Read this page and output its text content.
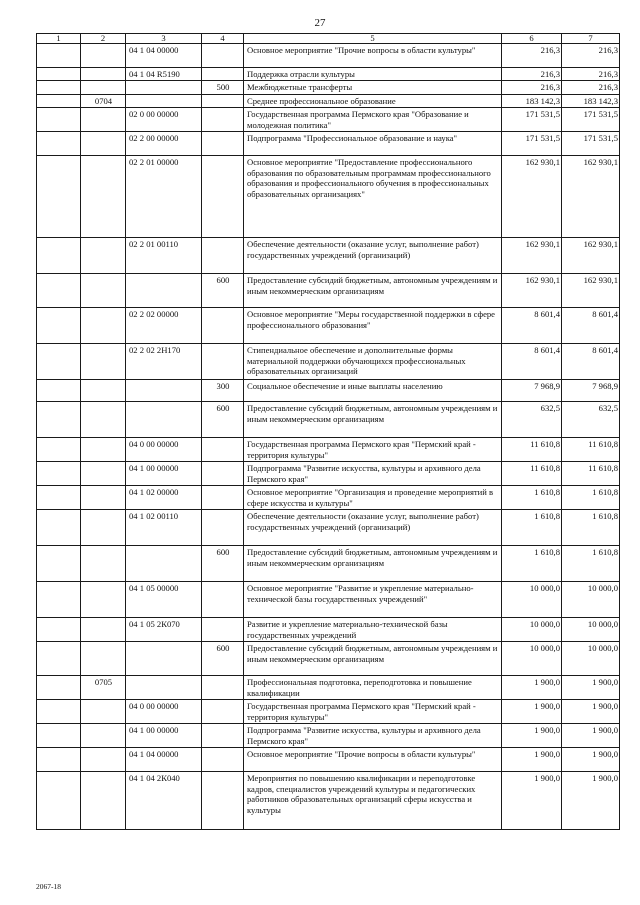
27
1	2	3	4	5	6	7
		04 1 04 00000		Основное мероприятие "Прочие вопросы в области культуры"	216,3	216,3
		04 1 04 R5190		Поддержка отрасли культуры	216,3	216,3
			500	Межбюджетные трансферты	216,3	216,3
	0704			Среднее профессиональное образование	183 142,3	183 142,3
		02 0 00 00000		Государственная программа Пермского края "Образование и молодежная политика"	171 531,5	171 531,5
		02 2 00 00000		Подпрограмма "Профессиональное образование и наука"	171 531,5	171 531,5
		02 2 01 00000		Основное мероприятие "Предоставление профессионального образования по образовательным программам профессионального образования и профессионального обучения в профессиональных образовательных организациях"	162 930,1	162 930,1
		02 2 01 00110		Обеспечение деятельности (оказание услуг, выполнение работ) государственных учреждений (организаций)	162 930,1	162 930,1
			600	Предоставление субсидий бюджетным, автономным учреждениям и иным некоммерческим организациям	162 930,1	162 930,1
		02 2 02 00000		Основное мероприятие "Меры государственной поддержки в сфере профессионального образования"	8 601,4	8 601,4
		02 2 02 2Н170		Стипендиальное обеспечение и дополнительные формы материальной поддержки обучающихся профессиональных образовательных организаций	8 601,4	8 601,4
			300	Социальное обеспечение и иные выплаты населению	7 968,9	7 968,9
			600	Предоставление субсидий бюджетным, автономным учреждениям и иным некоммерческим организациям	632,5	632,5
		04 0 00 00000		Государственная программа Пермского края "Пермский край - территория культуры"	11 610,8	11 610,8
		04 1 00 00000		Подпрограмма "Развитие искусства, культуры и архивного дела Пермского края"	11 610,8	11 610,8
		04 1 02 00000		Основное мероприятие "Организация и проведение мероприятий в сфере искусства и культуры"	1 610,8	1 610,8
		04 1 02 00110		Обеспечение деятельности (оказание услуг, выполнение работ) государственных учреждений (организаций)	1 610,8	1 610,8
			600	Предоставление субсидий бюджетным, автономным учреждениям и иным некоммерческим организациям	1 610,8	1 610,8
		04 1 05 00000		Основное мероприятие "Развитие и укрепление материально-технической базы государственных учреждений"	10 000,0	10 000,0
		04 1 05 2К070		Развитие и укрепление материально-технической базы государственных учреждений	10 000,0	10 000,0
			600	Предоставление субсидий бюджетным, автономным учреждениям и иным некоммерческим организациям	10 000,0	10 000,0
	0705			Профессиональная подготовка, переподготовка и повышение квалификации	1 900,0	1 900,0
		04 0 00 00000		Государственная программа Пермского края "Пермский край - территория культуры"	1 900,0	1 900,0
		04 1 00 00000		Подпрограмма "Развитие искусства, культуры и архивного дела Пермского края"	1 900,0	1 900,0
		04 1 04 00000		Основное мероприятие "Прочие вопросы в области культуры"	1 900,0	1 900,0
		04 1 04 2К040		Мероприятия по повышению квалификации и переподготовке кадров, специалистов учреждений культуры и педагогических работников образовательных организаций сферы искусства и культуры	1 900,0	1 900,0
2067-18
